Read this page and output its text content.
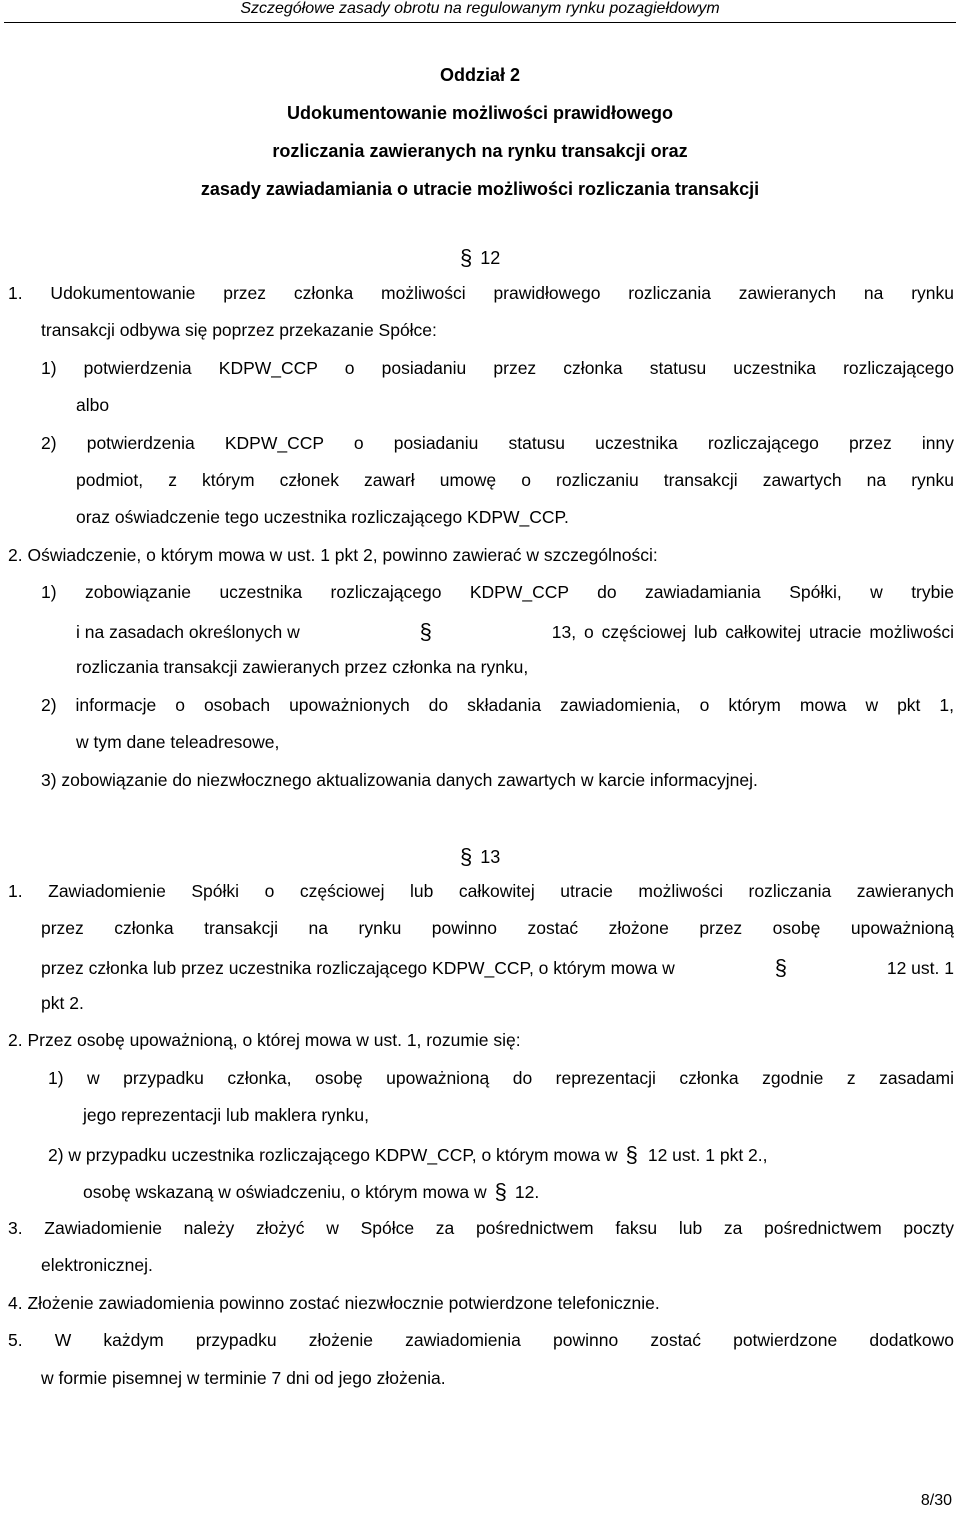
Szczegółowe zasady obrotu na regulowanym rynku pozagiełdowym
Oddział 2
Udokumentowanie możliwości prawidłowego
rozliczania zawieranych na rynku transakcji oraz
zasady zawiadamiania o utracie możliwości rozliczania transakcji
§ 12
1. Udokumentowanie przez członka możliwości prawidłowego rozliczania zawieranych na rynku
transakcji odbywa się poprzez przekazanie Spółce:
1) potwierdzenia KDPW_CCP o posiadaniu przez członka statusu uczestnika rozliczającego
albo
2) potwierdzenia KDPW_CCP o posiadaniu statusu uczestnika rozliczającego przez inny
podmiot, z którym członek zawarł umowę o rozliczaniu transakcji zawartych na rynku
oraz oświadczenie tego uczestnika rozliczającego KDPW_CCP.
2. Oświadczenie, o którym mowa w ust. 1 pkt 2, powinno zawierać w szczególności:
1) zobowiązanie uczestnika rozliczającego KDPW_CCP do zawiadamiania Spółki, w trybie
i na zasadach określonych w	§	13, o częściowej lub całkowitej utracie możliwości
rozliczania transakcji zawieranych przez członka na rynku,
2) informacje o osobach upoważnionych do składania zawiadomienia, o którym mowa w pkt 1,
w tym dane teleadresowe,
3) zobowiązanie do niezwłocznego aktualizowania danych zawartych w karcie informacyjnej.
§ 13
1. Zawiadomienie Spółki o częściowej lub całkowitej utracie możliwości rozliczania zawieranych
przez członka transakcji na rynku powinno zostać złożone przez osobę upoważnioną
przez członka lub przez uczestnika rozliczającego KDPW_CCP, o którym mowa w	§	12 ust. 1
pkt 2.
2. Przez osobę upoważnioną, o której mowa w ust. 1, rozumie się:
1) w przypadku członka, osobę upoważnioną do reprezentacji członka zgodnie z zasadami
jego reprezentacji lub maklera rynku,
2) w przypadku uczestnika rozliczającego KDPW_CCP, o którym mowa w § 12 ust. 1 pkt 2.,
osobę wskazaną w oświadczeniu, o którym mowa w § 12.
3. Zawiadomienie należy złożyć w Spółce za pośrednictwem faksu lub za pośrednictwem poczty
elektronicznej.
4. Złożenie zawiadomienia powinno zostać niezwłocznie potwierdzone telefonicznie.
5. W każdym przypadku złożenie zawiadomienia powinno zostać potwierdzone dodatkowo
w formie pisemnej w terminie 7 dni od jego złożenia.
8/30
